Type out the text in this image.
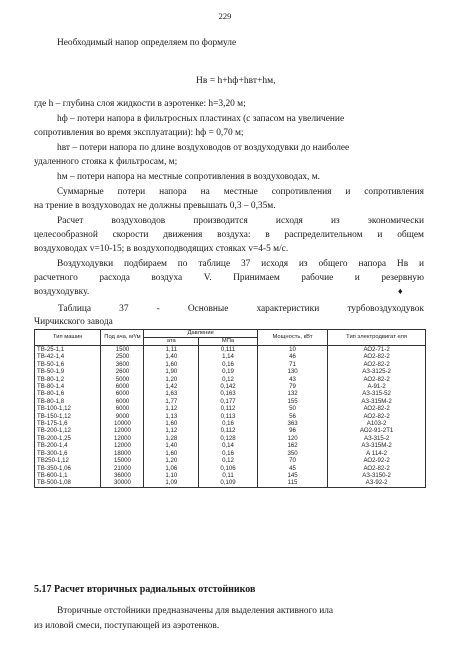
229
Необходимый напор определяем по формуле
Hв = h+hф+hвт+hм,
где h – глубина слоя жидкости в аэротенке: h=3,20 м;
hф – потери напора в фильтросных пластинах (с запасом на увеличение
сопротивления во время эксплуатации): hф = 0,70 м;
hвт – потери напора по длине воздуховодов от воздуходувки до наиболее
удаленного стояка к фильтросам, м;
hм – потери напора на местные сопротивления в воздуховодах, м.
Суммарные потери напора на местные сопротивления и сопротивления
на трение в воздуховодах не должны превышать 0,3 – 0,35м.
Расчет воздуховодов производится исходя из экономически
целесообразной скорости движения воздуха: в распределительном и общем
воздуховодах v=10-15; в воздухоподводящих стояках v=4-5 м/с.
Воздуходувки подбираем по таблице 37 исходя из общего напора Hв и
расчетного расхода воздуха V. Принимаем рабочие и резервную
воздуходувку.	♦
Таблица 37 - Основные характеристики турбовоздуходувок
Чирчикского завода
Тип машин	Под ача, м³/м	Давление		Мощность, кВт	Тип электродвигат еля
		ата	МПа		
ТВ-25-1,1	1500	1,11	0,111	10	АО2-71-2
ТВ-42-1,4	2500	1,40	1,14	46	АО2-82-2
ТВ-50-1,6	3600	1,60	0,16	71	АО2-82-2
ТВ-50-1,9	2600	1,90	0,19	130	АЗ-3125-2
ТВ-80-1,2	5000	1,20	0,12	43	АО2-82-2
ТВ-80-1,4	6000	1,42	0,142	79	А-91-2
ТВ-80-1,6	6000	1,63	0,163	132	АЗ-315-52
ТВ-80-1,8	6000	1,77	0,177	155	АЗ-315М-2
ТВ-100-1,12	6000	1,12	0,112	50	АО2-82-2
ТВ-150-1,12	9000	1,13	0,113	56	АО2-82-2
ТВ-175-1,6	10000	1,60	0,16	363	А103-2
ТВ-200-1,12	12000	1,12	0,112	96	АО2-91-2Т1
ТВ-200-1,25	12000	1,28	0,128	120	АЗ-315-2
ТВ-200-1,4	12000	1,40	0,14	162	АЗ-315М-2
ТВ-300-1,6	18000	1,60	0,16	350	А 114-2
ТВ250-1,12	15000	1,20	0,12	70	АО2-92-2
ТВ-350-1,06	21000	1,06	0,106	45	АО2-82-2
ТВ-600-1,1	36000	1,10	0,11	145	АЗ-3150-2
ТВ-500-1,08	30000	1,09	0,109	115	АЗ-92-2
5.17 Расчет вторичных радиальных отстойников
Вторичные отстойники предназначены для выделения активного ила
из иловой смеси, поступающей из аэротенков.
